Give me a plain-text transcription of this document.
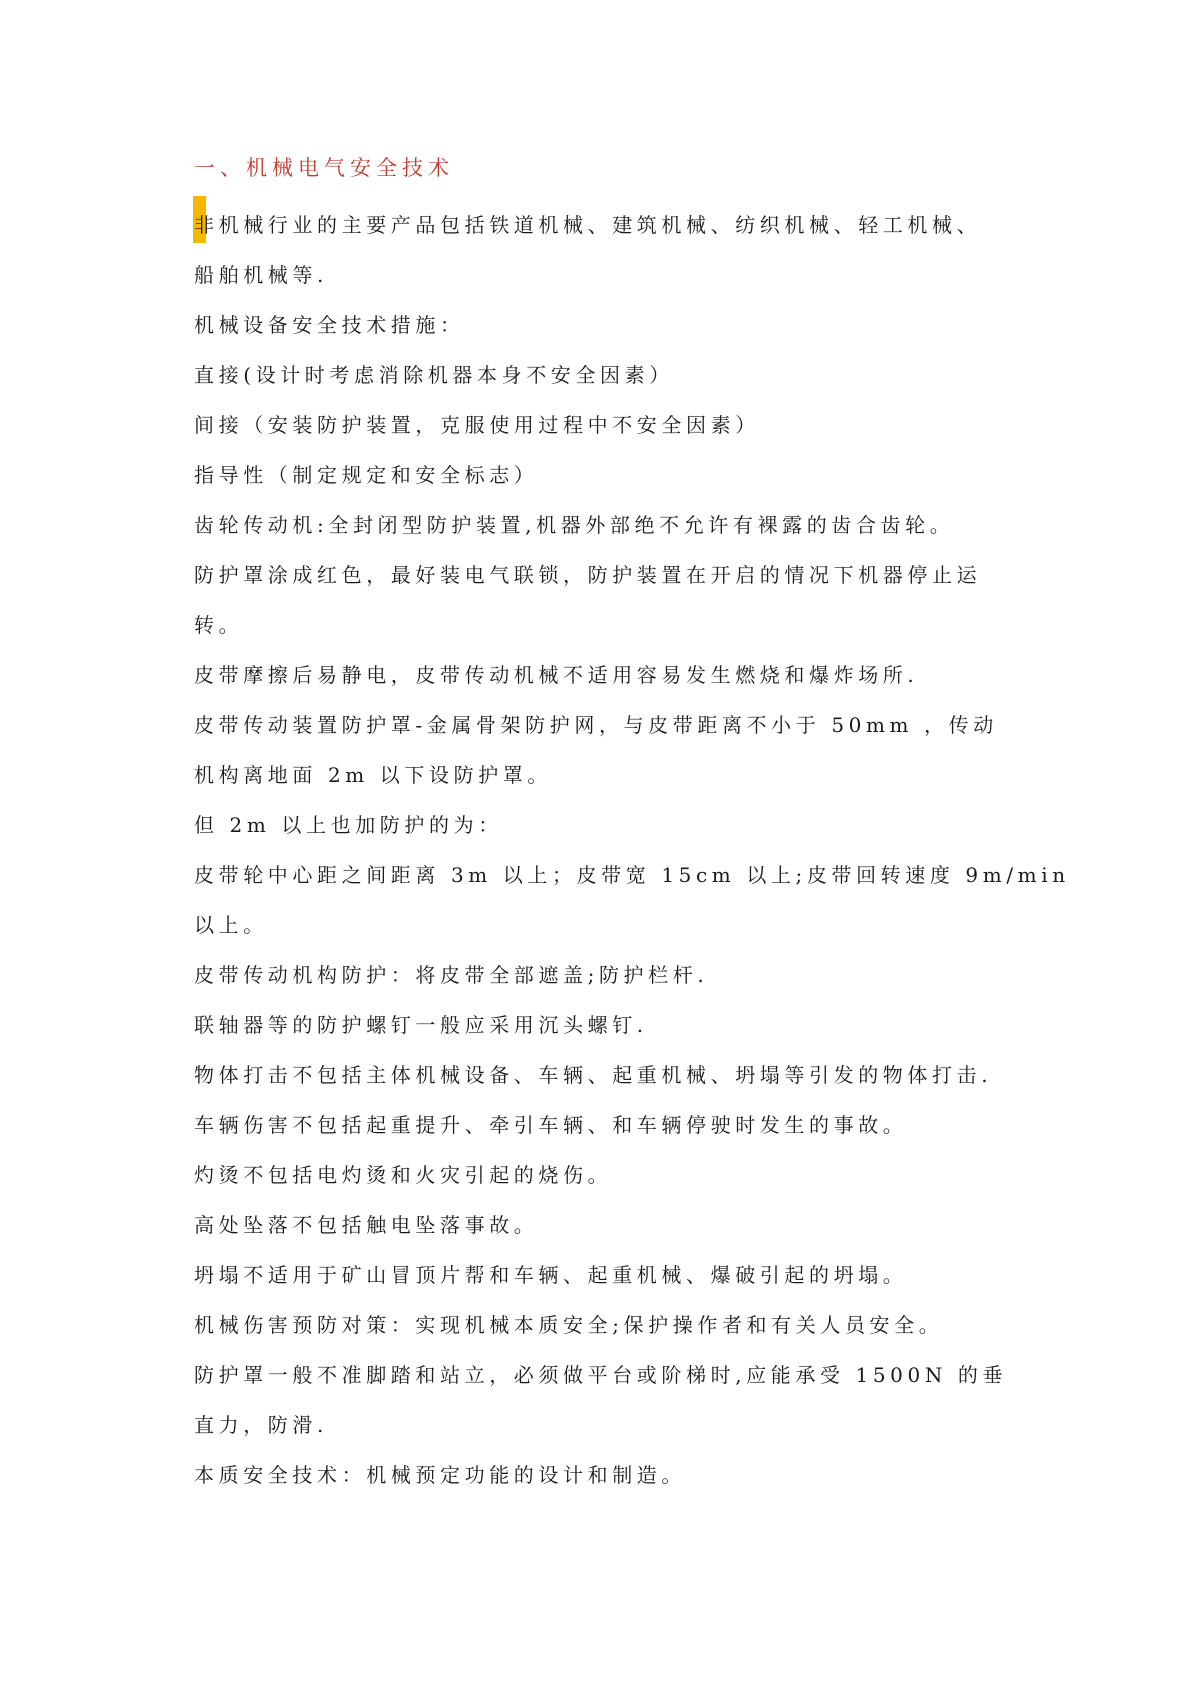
一、机械电气安全技术
非机械行业的主要产品包括铁道机械、建筑机械、纺织机械、轻工机械、
船舶机械等.
机械设备安全技术措施：
直接(设计时考虑消除机器本身不安全因素）
间接（安装防护装置，克服使用过程中不安全因素）
指导性（制定规定和安全标志）
齿轮传动机:全封闭型防护装置,机器外部绝不允许有裸露的齿合齿轮。
防护罩涂成红色，最好装电气联锁，防护装置在开启的情况下机器停止运
转。
皮带摩擦后易静电，皮带传动机械不适用容易发生燃烧和爆炸场所.
皮带传动装置防护罩-金属骨架防护网，与皮带距离不小于 50mm ，传动
机构离地面 2m 以下设防护罩。
但 2m 以上也加防护的为：
皮带轮中心距之间距离 3m 以上；皮带宽 15cm 以上;皮带回转速度 9m/min
以上。
皮带传动机构防护：将皮带全部遮盖;防护栏杆.
联轴器等的防护螺钉一般应采用沉头螺钉.
物体打击不包括主体机械设备、车辆、起重机械、坍塌等引发的物体打击.
车辆伤害不包括起重提升、牵引车辆、和车辆停驶时发生的事故。
灼烫不包括电灼烫和火灾引起的烧伤。
高处坠落不包括触电坠落事故。
坍塌不适用于矿山冒顶片帮和车辆、起重机械、爆破引起的坍塌。
机械伤害预防对策：实现机械本质安全;保护操作者和有关人员安全。
防护罩一般不准脚踏和站立，必须做平台或阶梯时,应能承受 1500N 的垂
直力，防滑.
本质安全技术：机械预定功能的设计和制造。
